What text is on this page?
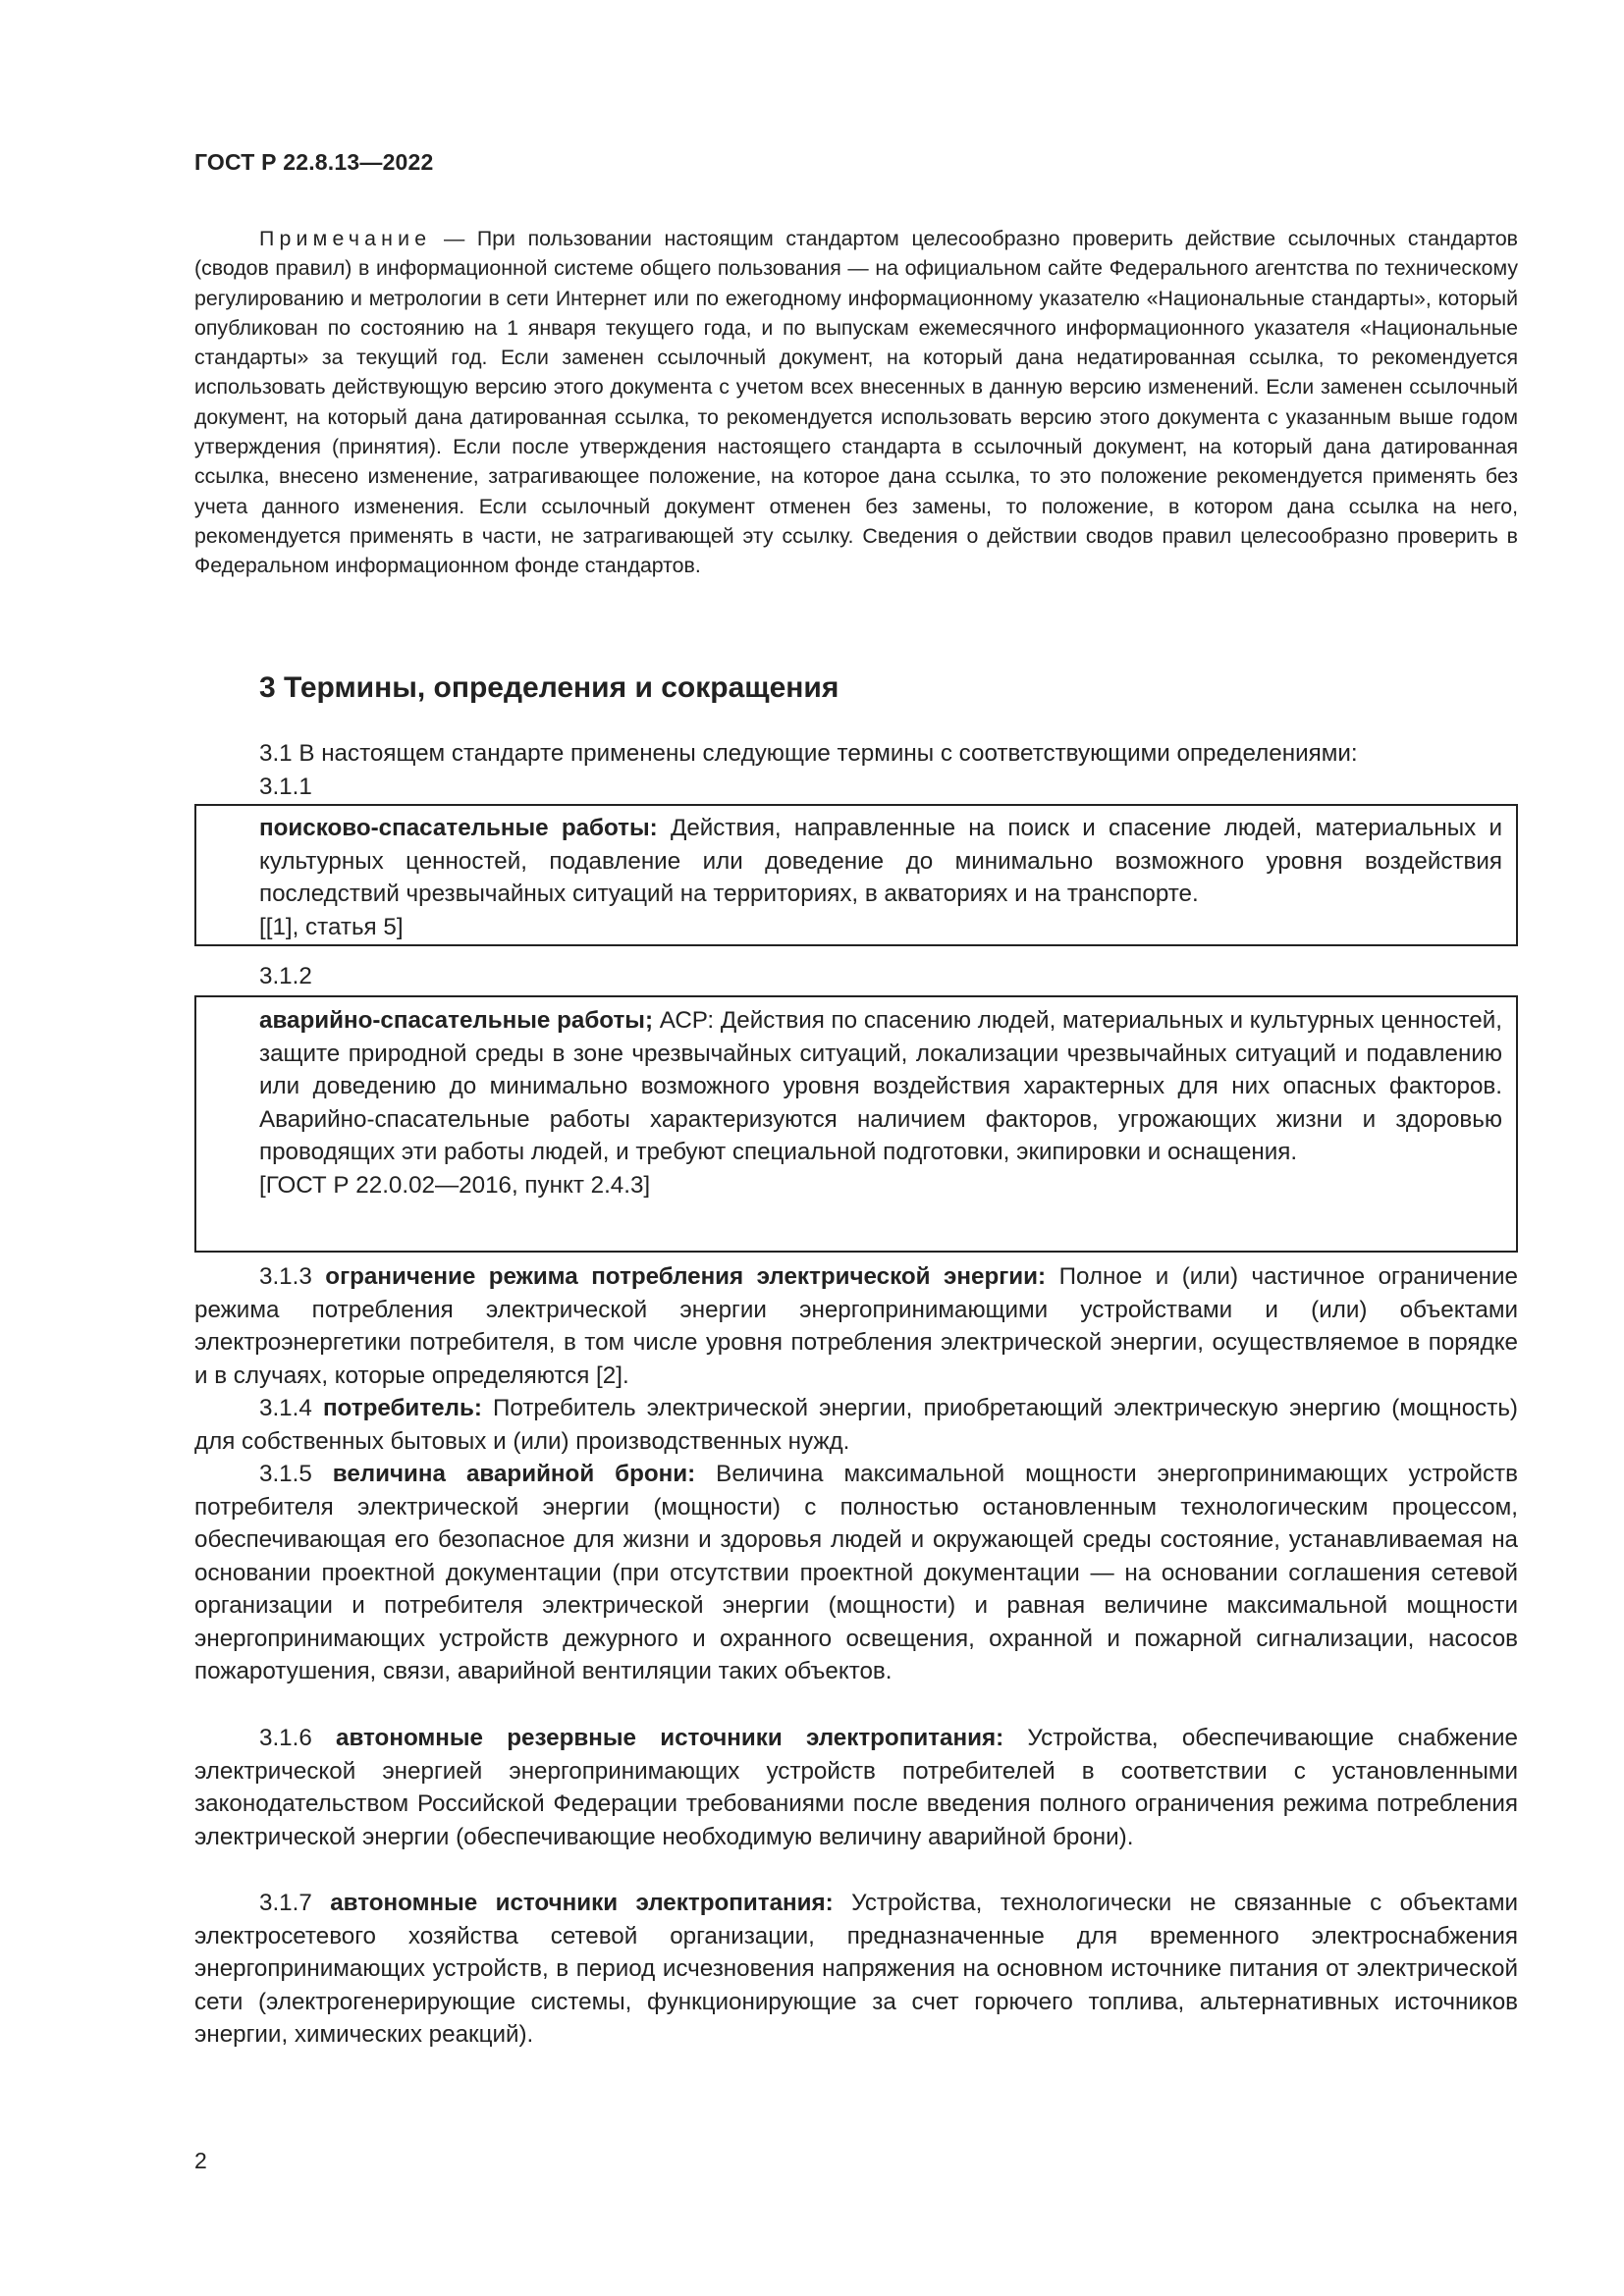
ГОСТ Р 22.8.13—2022
Примечание — При пользовании настоящим стандартом целесообразно проверить действие ссылочных стандартов (сводов правил) в информационной системе общего пользования — на официальном сайте Федерального агентства по техническому регулированию и метрологии в сети Интернет или по ежегодному информационному указателю «Национальные стандарты», который опубликован по состоянию на 1 января текущего года, и по выпускам ежемесячного информационного указателя «Национальные стандарты» за текущий год. Если заменен ссылочный документ, на который дана недатированная ссылка, то рекомендуется использовать действующую версию этого документа с учетом всех внесенных в данную версию изменений. Если заменен ссылочный документ, на который дана датированная ссылка, то рекомендуется использовать версию этого документа с указанным выше годом утверждения (принятия). Если после утверждения настоящего стандарта в ссылочный документ, на который дана датированная ссылка, внесено изменение, затрагивающее положение, на которое дана ссылка, то это положение рекомендуется применять без учета данного изменения. Если ссылочный документ отменен без замены, то положение, в котором дана ссылка на него, рекомендуется применять в части, не затрагивающей эту ссылку. Сведения о действии сводов правил целесообразно проверить в Федеральном информационном фонде стандартов.
3 Термины, определения и сокращения
3.1 В настоящем стандарте применены следующие термины с соответствующими определениями:
3.1.1
поисково-спасательные работы: Действия, направленные на поиск и спасение людей, материальных и культурных ценностей, подавление или доведение до минимально возможного уровня воздействия последствий чрезвычайных ситуаций на территориях, в акваториях и на транспорте.
[[1], статья 5]
3.1.2
аварийно-спасательные работы; АСР: Действия по спасению людей, материальных и культурных ценностей, защите природной среды в зоне чрезвычайных ситуаций, локализации чрезвычайных ситуаций и подавлению или доведению до минимально возможного уровня воздействия характерных для них опасных факторов. Аварийно-спасательные работы характеризуются наличием факторов, угрожающих жизни и здоровью проводящих эти работы людей, и требуют специальной подготовки, экипировки и оснащения.
[ГОСТ Р 22.0.02—2016, пункт 2.4.3]
3.1.3 ограничение режима потребления электрической энергии: Полное и (или) частичное ограничение режима потребления электрической энергии энергопринимающими устройствами и (или) объектами электроэнергетики потребителя, в том числе уровня потребления электрической энергии, осуществляемое в порядке и в случаях, которые определяются [2].
3.1.4 потребитель: Потребитель электрической энергии, приобретающий электрическую энергию (мощность) для собственных бытовых и (или) производственных нужд.
3.1.5 величина аварийной брони: Величина максимальной мощности энергопринимающих устройств потребителя электрической энергии (мощности) с полностью остановленным технологическим процессом, обеспечивающая его безопасное для жизни и здоровья людей и окружающей среды состояние, устанавливаемая на основании проектной документации (при отсутствии проектной документации — на основании соглашения сетевой организации и потребителя электрической энергии (мощности) и равная величине максимальной мощности энергопринимающих устройств дежурного и охранного освещения, охранной и пожарной сигнализации, насосов пожаротушения, связи, аварийной вентиляции таких объектов.
3.1.6 автономные резервные источники электропитания: Устройства, обеспечивающие снабжение электрической энергией энергопринимающих устройств потребителей в соответствии с установленными законодательством Российской Федерации требованиями после введения полного ограничения режима потребления электрической энергии (обеспечивающие необходимую величину аварийной брони).
3.1.7 автономные источники электропитания: Устройства, технологически не связанные с объектами электросетевого хозяйства сетевой организации, предназначенные для временного электроснабжения энергопринимающих устройств, в период исчезновения напряжения на основном источнике питания от электрической сети (электрогенерирующие системы, функционирующие за счет горючего топлива, альтернативных источников энергии, химических реакций).
2
